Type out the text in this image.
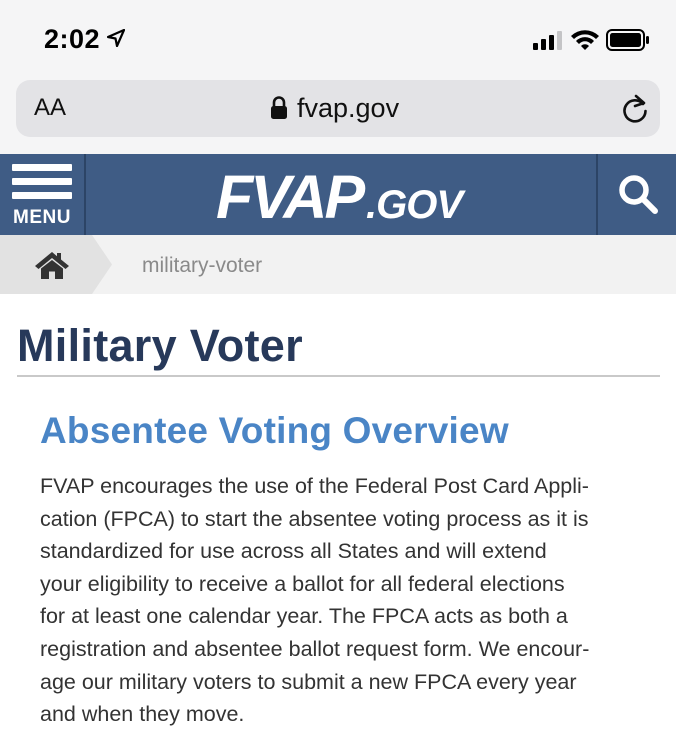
2:02
AA	fvap.gov
MENU FVAP .GOV
military-voter
Military Voter
Absentee Voting Overview
FVAP encourages the use of the Federal Post Card Appli-
cation (FPCA) to start the absentee voting process as it is
standardized for use across all States and will extend
your eligibility to receive a ballot for all federal elections
for at least one calendar year. The FPCA acts as both a
registration and absentee ballot request form. We encour-
age our military voters to submit a new FPCA every year
and when they move.
